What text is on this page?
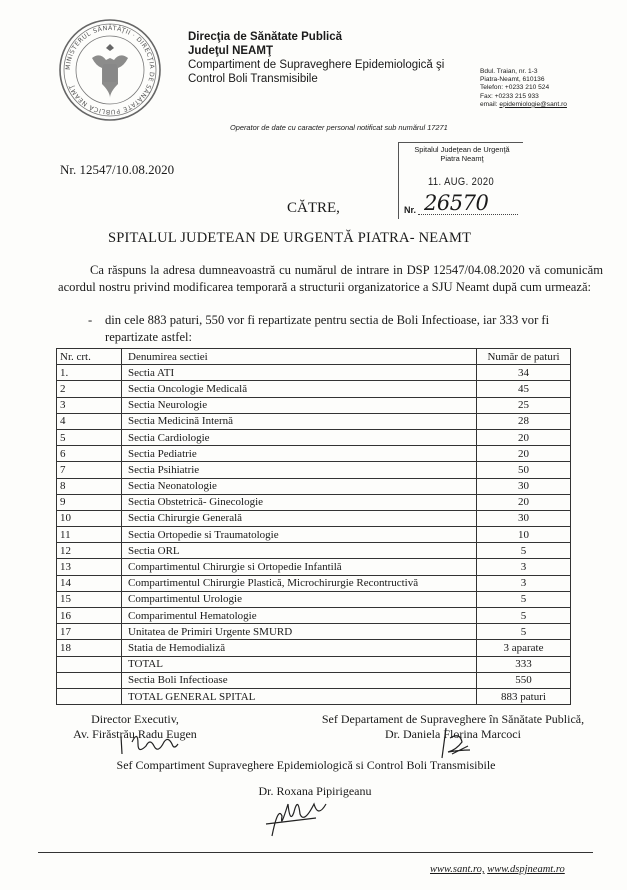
MINISTERUL SĂNĂTĂŢII · DIRECŢIA DE SĂNĂTATE PUBLICĂ NEAMŢ
Direcţia de Sănătate Publică
Judeţul NEAMŢ
Compartiment de Supraveghere Epidemiologică şi
Control Boli Transmisibile
Bdul. Traian, nr. 1-3
Piatra-Neamt, 610136
Telefon: +0233 210 524
Fax: +0233 215 933
email: epidemiologie@sant.ro
Operator de date cu caracter personal notificat sub numărul 17271
Nr. 12547/10.08.2020
Spitalul Judeţean de Urgenţă
Piatra Neamţ
11. AUG. 2020
Nr. 26570
CĂTRE,
SPITALUL JUDETEAN DE URGENTĂ PIATRA- NEAMT

Ca răspuns la adresa dumneavoastră cu numărul de intrare in DSP 12547/04.08.2020 vă comunicăm acordul nostru privind modificarea temporară a structurii organizatorice a SJU Neamt după cum urmează:

- din cele 883 paturi, 550 vor fi repartizate pentru sectia de Boli Infectioase, iar 333 vor fi repartizate astfel:
Nr. crt.	Denumirea sectiei	Număr de paturi
1.	Sectia ATI	34
2	Sectia Oncologie Medicală	45
3	Sectia Neurologie	25
4	Sectia Medicină Internă	28
5	Sectia Cardiologie	20
6	Sectia Pediatrie	20
7	Sectia Psihiatrie	50
8	Sectia Neonatologie	30
9	Sectia Obstetrică- Ginecologie	20
10	Sectia Chirurgie Generală	30
11	Sectia Ortopedie si Traumatologie	10
12	Sectia ORL	5
13	Compartimentul Chirurgie si Ortopedie Infantilă	3
14	Compartimentul Chirurgie Plastică, Microchirurgie Recontructivă	3
15	Compartimentul Urologie	5
16	Comparimentul Hematologie	5
17	Unitatea de Primiri Urgente SMURD	5
18	Statia de Hemodializă	3 aparate
	TOTAL	333
	Sectia Boli Infectioase	550
	TOTAL GENERAL SPITAL	883 paturi
Director Executiv,
Av. Firăstrău Radu Eugen
Sef Departament de Supraveghere în Sănătate Publică,
Dr. Daniela Florina Marcoci
Sef Compartiment Supraveghere Epidemiologică si Control Boli Transmisibile
Dr. Roxana Pipirigeanu
www.sant.ro, www.dspjneamt.ro
